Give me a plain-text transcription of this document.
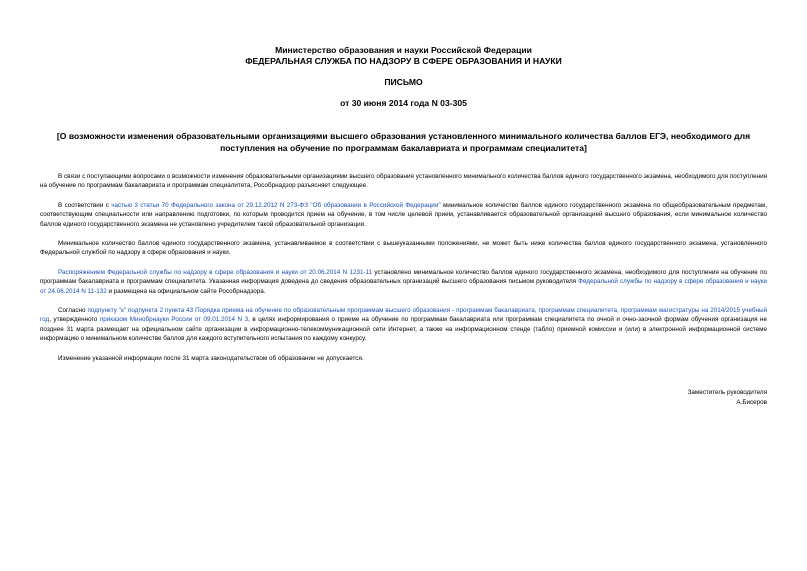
Министерство образования и науки Российской Федерации
ФЕДЕРАЛЬНАЯ СЛУЖБА ПО НАДЗОРУ В СФЕРЕ ОБРАЗОВАНИЯ И НАУКИ
ПИСЬМО
от 30 июня 2014 года N 03-305
[О возможности изменения образовательными организациями высшего образования установленного минимального количества баллов ЕГЭ, необходимого для поступления на обучение по программам бакалавриата и программам специалитета]

В связи с поступающими вопросами о возможности изменения образовательными организациями высшего образования установленного минимального количества баллов единого государственного экзамена, необходимого для поступления на обучение по программам бакалавриата и программам специалитета, Рособрнадзор разъясняет следующее.

В соответствии с частью 3 статьи 70 Федерального закона от 29.12.2012 N 273-ФЗ "Об образовании в Российской Федерации" минимальное количество баллов единого государственного экзамена по общеобразовательным предметам, соответствующим специальности или направлению подготовки, по которым проводится прием на обучение, в том числе целевой прием, устанавливается образовательной организацией высшего образования, если минимальное количество баллов единого государственного экзамена не установлено учредителем такой образовательной организации.

Минимальное количество баллов единого государственного экзамена, устанавливаемое в соответствии с вышеуказанными положениями, не может быть ниже количества баллов единого государственного экзамена, установленного Федеральной службой по надзору в сфере образования и науки.

Распоряжением Федеральной службы по надзору в сфере образования и науки от 20.06.2014 N 1231-11 установлено минимальное количество баллов единого государственного экзамена, необходимого для поступления на обучение по программам бакалавриата и программам специалитета. Указанная информация доведена до сведения образовательных организаций высшего образования письмом руководителя Федеральной службы по надзору в сфере образования и науки от 24.06.2014 N 11-132 и размещена на официальном сайте Рособрнадзора.

Согласно подпункту "к" подпункта 2 пункта 43 Порядка приема на обучение по образовательным программам высшего образования - программам бакалавриата, программам специалитета, программам магистратуры на 2014/2015 учебный год, утвержденного приказом Минобрнауки России от 09.01.2014 N 3, в целях информирования о приеме на обучение по программам бакалавриата или программам специалитета по очной и очно-заочной формам обучения организация не позднее 31 марта размещает на официальном сайте организации в информационно-телекоммуникационной сети Интернет, а также на информационном стенде (табло) приемной комиссии и (или) в электронной информационной системе информацию о минимальном количестве баллов для каждого вступительного испытания по каждому конкурсу.

Изменение указанной информации после 31 марта законодательством об образовании не допускается.

Заместитель руководителя
А.Бисеров
